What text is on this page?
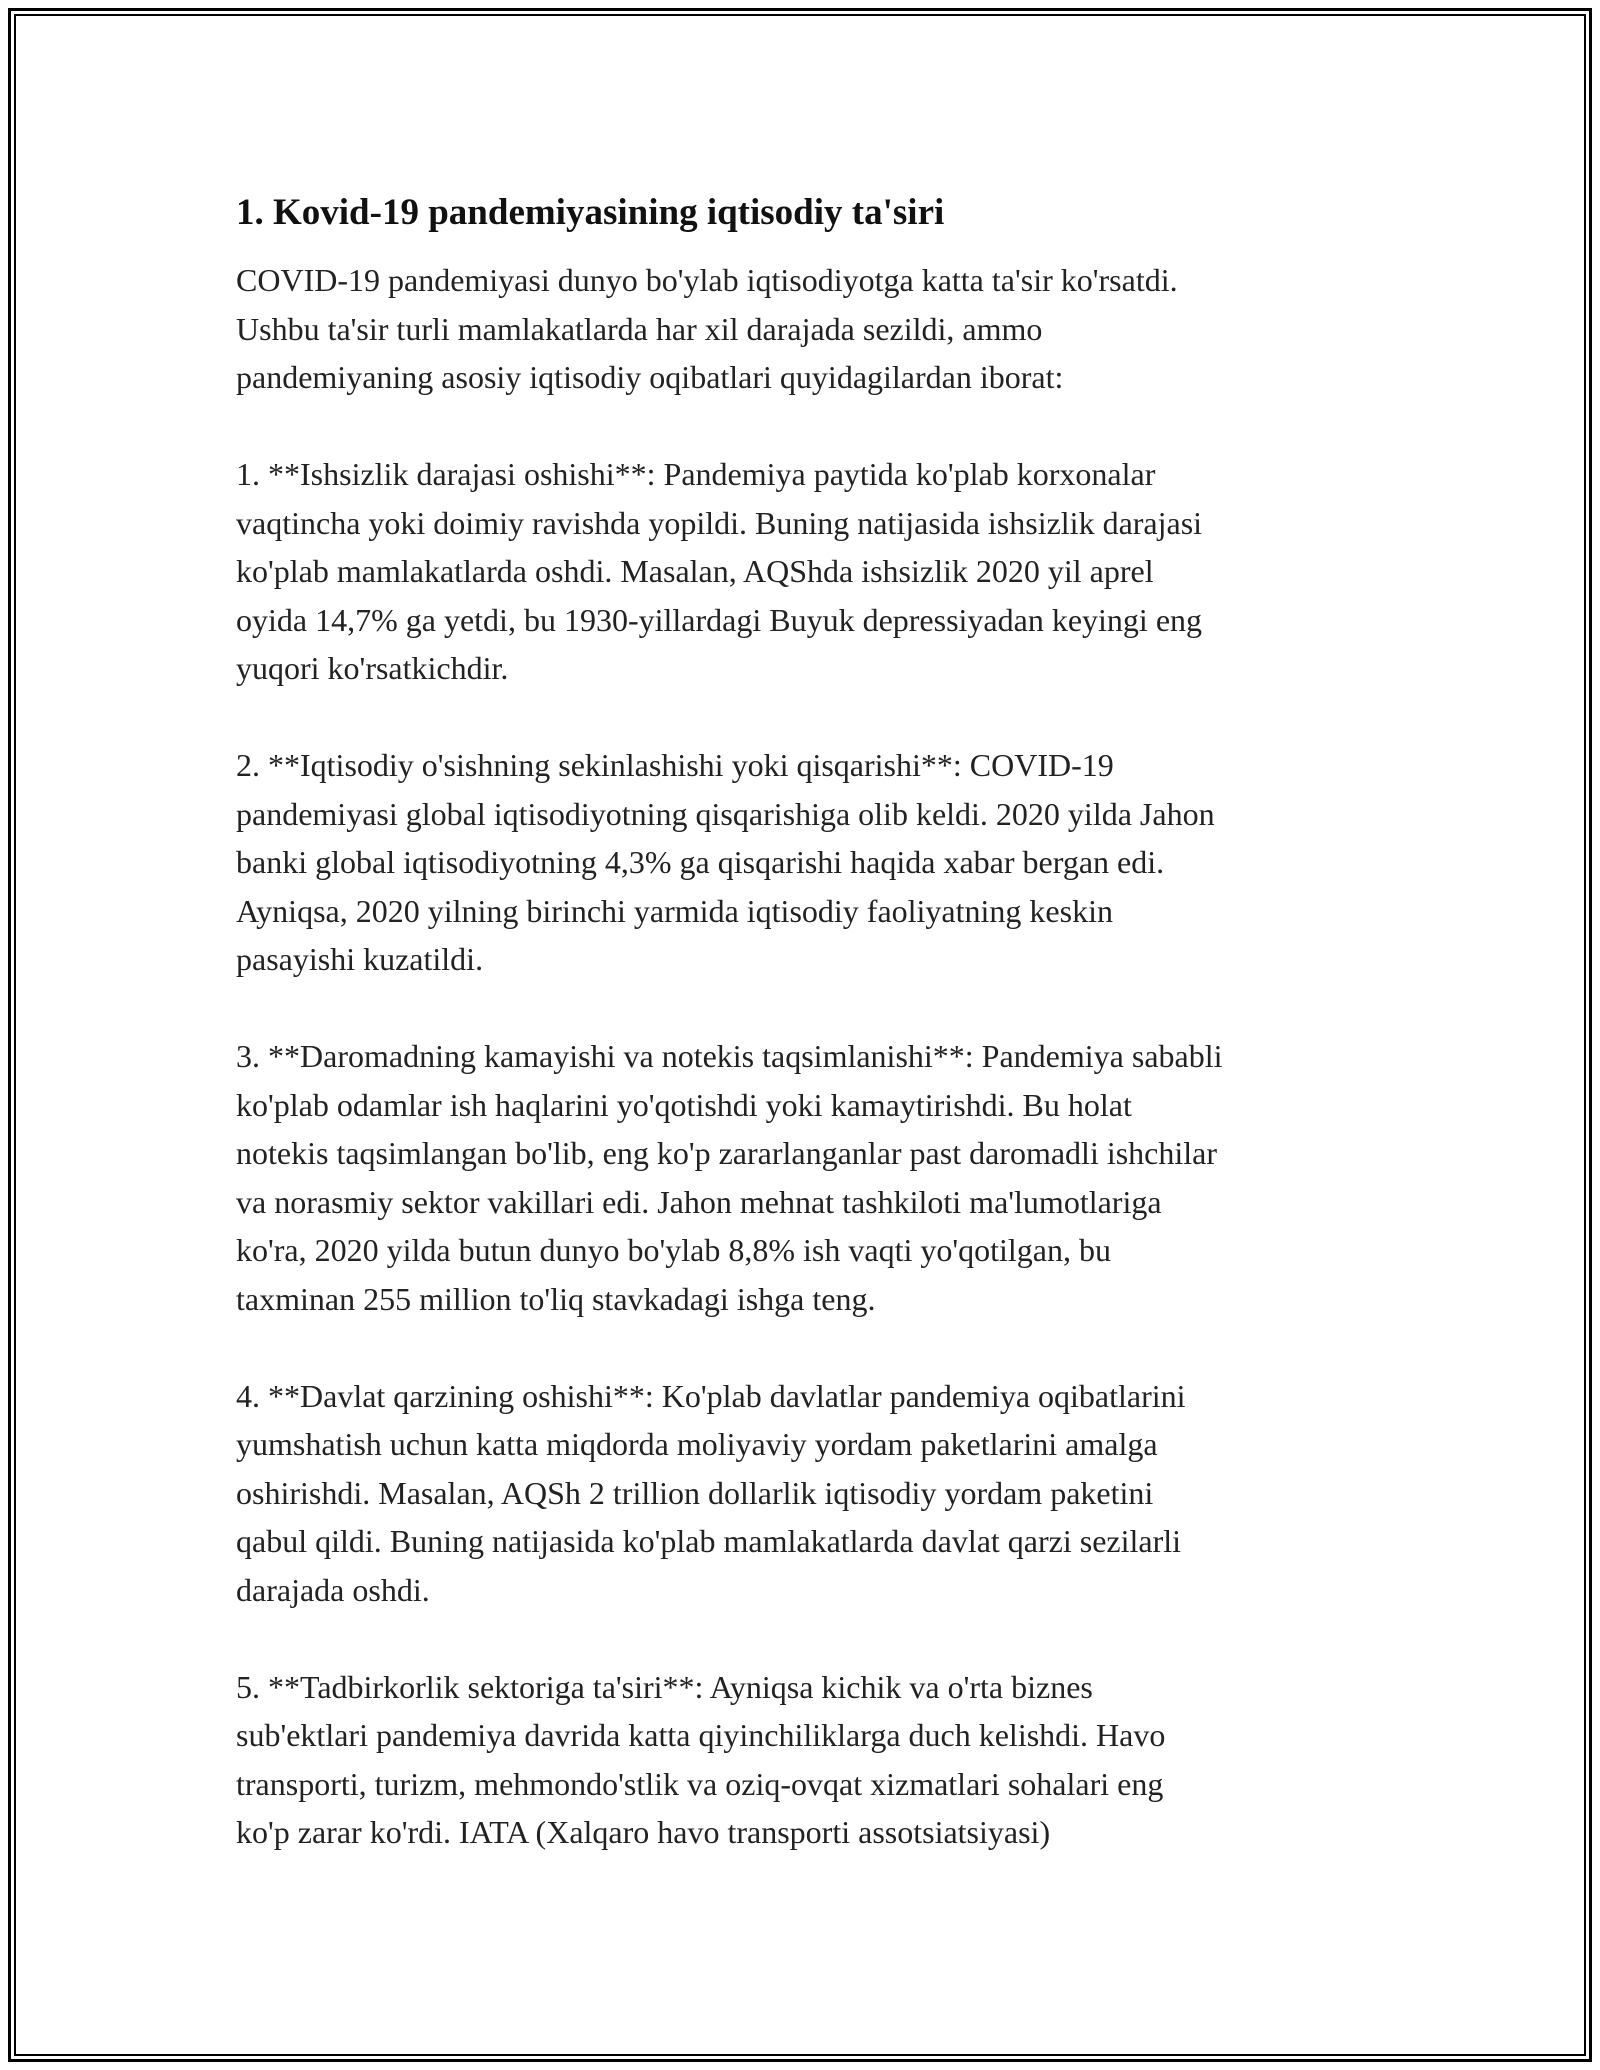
1. Kovid-19 pandemiyasining iqtisodiy ta'siri

COVID-19 pandemiyasi dunyo bo'ylab iqtisodiyotga katta ta'sir ko'rsatdi.
Ushbu ta'sir turli mamlakatlarda har xil darajada sezildi, ammo
pandemiyaning asosiy iqtisodiy oqibatlari quyidagilardan iborat:

1. **Ishsizlik darajasi oshishi**: Pandemiya paytida ko'plab korxonalar
vaqtincha yoki doimiy ravishda yopildi. Buning natijasida ishsizlik darajasi
ko'plab mamlakatlarda oshdi. Masalan, AQShda ishsizlik 2020 yil aprel
oyida 14,7% ga yetdi, bu 1930-yillardagi Buyuk depressiyadan keyingi eng
yuqori ko'rsatkichdir.

2. **Iqtisodiy o'sishning sekinlashishi yoki qisqarishi**: COVID-19
pandemiyasi global iqtisodiyotning qisqarishiga olib keldi. 2020 yilda Jahon
banki global iqtisodiyotning 4,3% ga qisqarishi haqida xabar bergan edi.
Ayniqsa, 2020 yilning birinchi yarmida iqtisodiy faoliyatning keskin
pasayishi kuzatildi.

3. **Daromadning kamayishi va notekis taqsimlanishi**: Pandemiya sababli
ko'plab odamlar ish haqlarini yo'qotishdi yoki kamaytirishdi. Bu holat
notekis taqsimlangan bo'lib, eng ko'p zararlanganlar past daromadli ishchilar
va norasmiy sektor vakillari edi. Jahon mehnat tashkiloti ma'lumotlariga
ko'ra, 2020 yilda butun dunyo bo'ylab 8,8% ish vaqti yo'qotilgan, bu
taxminan 255 million to'liq stavkadagi ishga teng.

4. **Davlat qarzining oshishi**: Ko'plab davlatlar pandemiya oqibatlarini
yumshatish uchun katta miqdorda moliyaviy yordam paketlarini amalga
oshirishdi. Masalan, AQSh 2 trillion dollarlik iqtisodiy yordam paketini
qabul qildi. Buning natijasida ko'plab mamlakatlarda davlat qarzi sezilarli
darajada oshdi.

5. **Tadbirkorlik sektoriga ta'siri**: Ayniqsa kichik va o'rta biznes
sub'ektlari pandemiya davrida katta qiyinchiliklarga duch kelishdi. Havo
transporti, turizm, mehmondo'stlik va oziq-ovqat xizmatlari sohalari eng
ko'p zarar ko'rdi. IATA (Xalqaro havo transporti assotsiatsiyasi)
